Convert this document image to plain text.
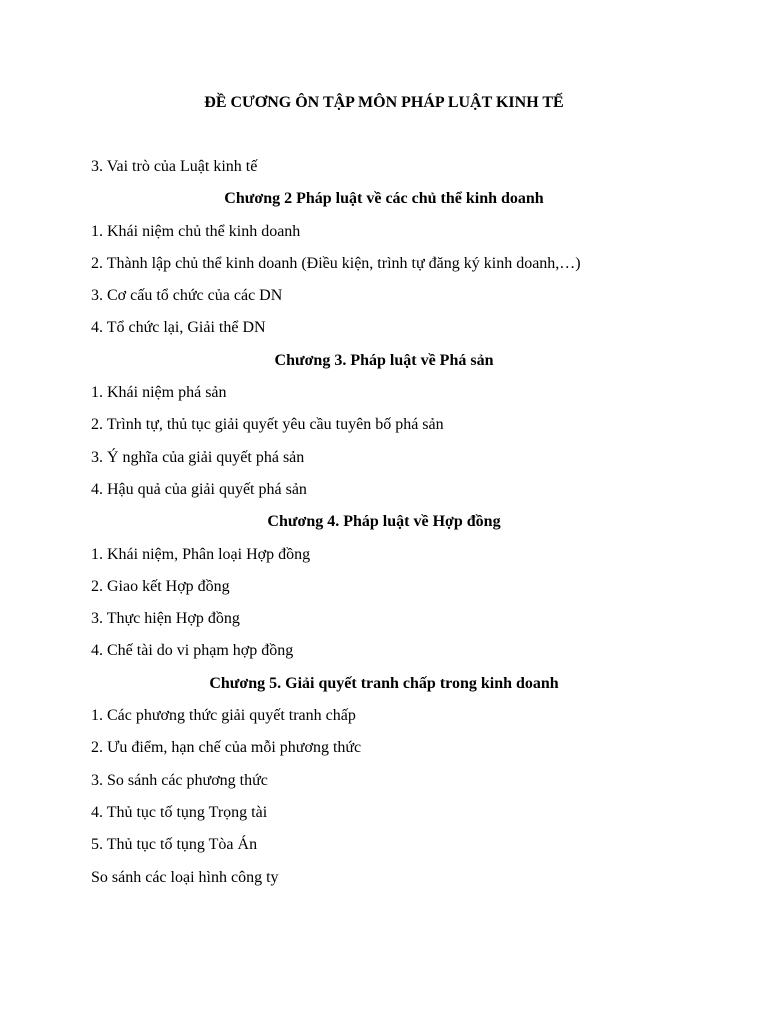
ĐỀ CƯƠNG ÔN TẬP MÔN PHÁP LUẬT KINH TẾ
3. Vai trò của Luật kinh tế
Chương 2 Pháp luật về các chủ thể kinh doanh
1. Khái niệm chủ thể kinh doanh
2. Thành lập chủ thể kinh doanh (Điều kiện, trình tự đăng ký kinh doanh,…)
3. Cơ cấu tổ chức của các DN
4. Tổ chức lại, Giải thể DN
Chương 3. Pháp luật về Phá sản
1. Khái niệm phá sản
2. Trình tự, thủ tục giải quyết yêu cầu tuyên bố phá sản
3. Ý nghĩa của giải quyết phá sản
4. Hậu quả của giải quyết phá sản
Chương 4. Pháp luật về Hợp đồng
1. Khái niệm, Phân loại Hợp đồng
2. Giao kết Hợp đồng
3. Thực hiện Hợp đồng
4. Chế tài do vi phạm hợp đồng
Chương 5. Giải quyết tranh chấp trong kinh doanh
1. Các phương thức giải quyết tranh chấp
2. Ưu điểm, hạn chế của mỗi phương thức
3. So sánh các phương thức
4. Thủ tục tố tụng Trọng tài
5. Thủ tục tố tụng Tòa Án
So sánh các loại hình công ty
